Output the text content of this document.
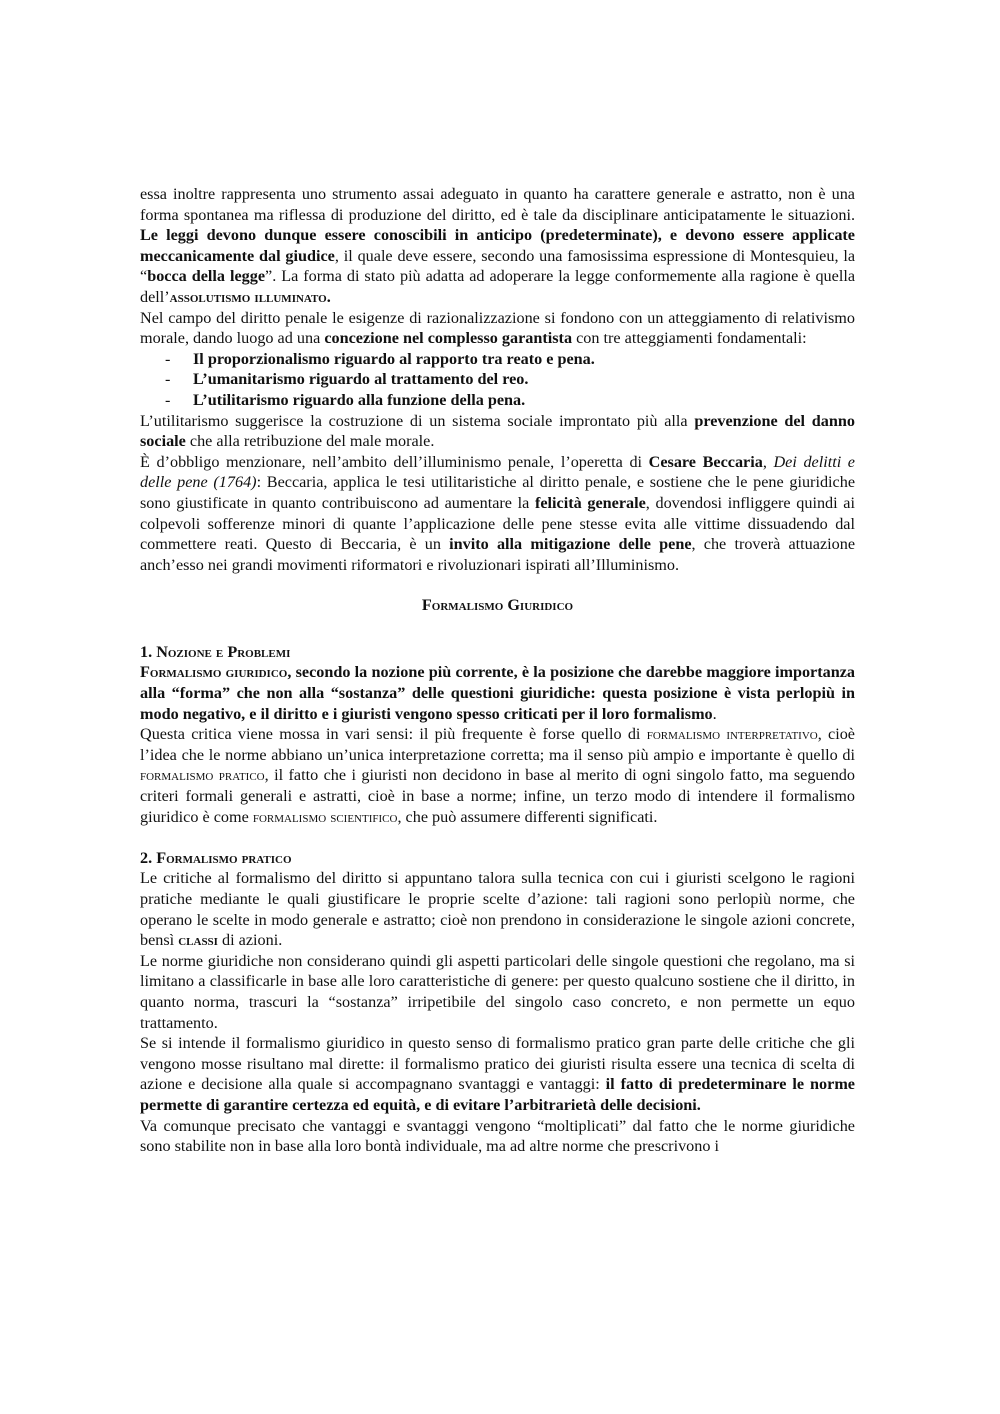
essa inoltre rappresenta uno strumento assai adeguato in quanto ha carattere generale e astratto, non è una forma spontanea ma riflessa di produzione del diritto, ed è tale da disciplinare anticipatamente le situazioni. Le leggi devono dunque essere conoscibili in anticipo (predeterminate), e devono essere applicate meccanicamente dal giudice, il quale deve essere, secondo una famosissima espressione di Montesquieu, la “bocca della legge”. La forma di stato più adatta ad adoperare la legge conformemente alla ragione è quella dell’assolutismo illuminato.

Nel campo del diritto penale le esigenze di razionalizzazione si fondono con un atteggiamento di relativismo morale, dando luogo ad una concezione nel complesso garantista con tre atteggiamenti fondamentali:

- Il proporzionalismo riguardo al rapporto tra reato e pena.
- L’umanitarismo riguardo al trattamento del reo.
- L’utilitarismo riguardo alla funzione della pena.

L’utilitarismo suggerisce la costruzione di un sistema sociale improntato più alla prevenzione del danno sociale che alla retribuzione del male morale.

È d’obbligo menzionare, nell’ambito dell’illuminismo penale, l’operetta di Cesare Beccaria, Dei delitti e delle pene (1764): Beccaria, applica le tesi utilitaristiche al diritto penale, e sostiene che le pene giuridiche sono giustificate in quanto contribuiscono ad aumentare la felicità generale, dovendosi infliggere quindi ai colpevoli sofferenze minori di quante l’applicazione delle pene stesse evita alle vittime dissuadendo dal commettere reati. Questo di Beccaria, è un invito alla mitigazione delle pene, che troverà attuazione anch’esso nei grandi movimenti riformatori e rivoluzionari ispirati all’Illuminismo.

Formalismo Giuridico
1. Nozione e Problemi

Formalismo giuridico, secondo la nozione più corrente, è la posizione che darebbe maggiore importanza alla “forma” che non alla “sostanza” delle questioni giuridiche: questa posizione è vista perlopiù in modo negativo, e il diritto e i giuristi vengono spesso criticati per il loro formalismo.

Questa critica viene mossa in vari sensi: il più frequente è forse quello di formalismo interpretativo, cioè l’idea che le norme abbiano un’unica interpretazione corretta; ma il senso più ampio e importante è quello di formalismo pratico, il fatto che i giuristi non decidono in base al merito di ogni singolo fatto, ma seguendo criteri formali generali e astratti, cioè in base a norme; infine, un terzo modo di intendere il formalismo giuridico è come formalismo scientifico, che può assumere differenti significati.

2. Formalismo pratico

Le critiche al formalismo del diritto si appuntano talora sulla tecnica con cui i giuristi scelgono le ragioni pratiche mediante le quali giustificare le proprie scelte d’azione: tali ragioni sono perlopiù norme, che operano le scelte in modo generale e astratto; cioè non prendono in considerazione le singole azioni concrete, bensì classi di azioni.

Le norme giuridiche non considerano quindi gli aspetti particolari delle singole questioni che regolano, ma si limitano a classificarle in base alle loro caratteristiche di genere: per questo qualcuno sostiene che il diritto, in quanto norma, trascuri la “sostanza” irripetibile del singolo caso concreto, e non permette un equo trattamento.

Se si intende il formalismo giuridico in questo senso di formalismo pratico gran parte delle critiche che gli vengono mosse risultano mal dirette: il formalismo pratico dei giuristi risulta essere una tecnica di scelta di azione e decisione alla quale si accompagnano svantaggi e vantaggi: il fatto di predeterminare le norme permette di garantire certezza ed equità, e di evitare l’arbitrarietà delle decisioni.

Va comunque precisato che vantaggi e svantaggi vengono “moltiplicati” dal fatto che le norme giuridiche sono stabilite non in base alla loro bontà individuale, ma ad altre norme che prescrivono i
